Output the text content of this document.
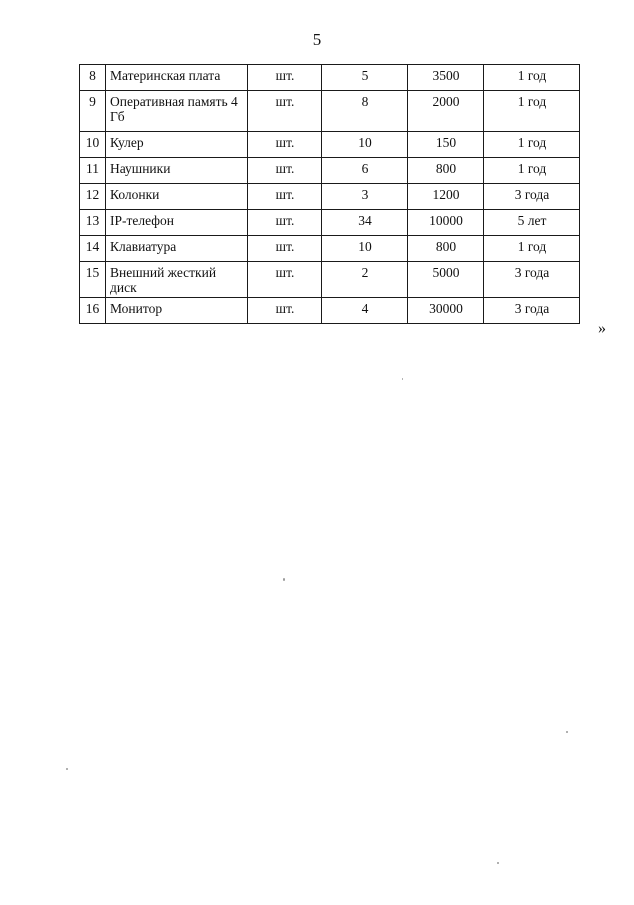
5
8	Материнская плата	шт.	5	3500	1 год
9	Оперативная память 4 Гб	шт.	8	2000	1 год
10	Кулер	шт.	10	150	1 год
11	Наушники	шт.	6	800	1 год
12	Колонки	шт.	3	1200	3 года
13	IP-телефон	шт.	34	10000	5 лет
14	Клавиатура	шт.	10	800	1 год
15	Внешний жесткий диск	шт.	2	5000	3 года
16	Монитор	шт.	4	30000	3 года
»
